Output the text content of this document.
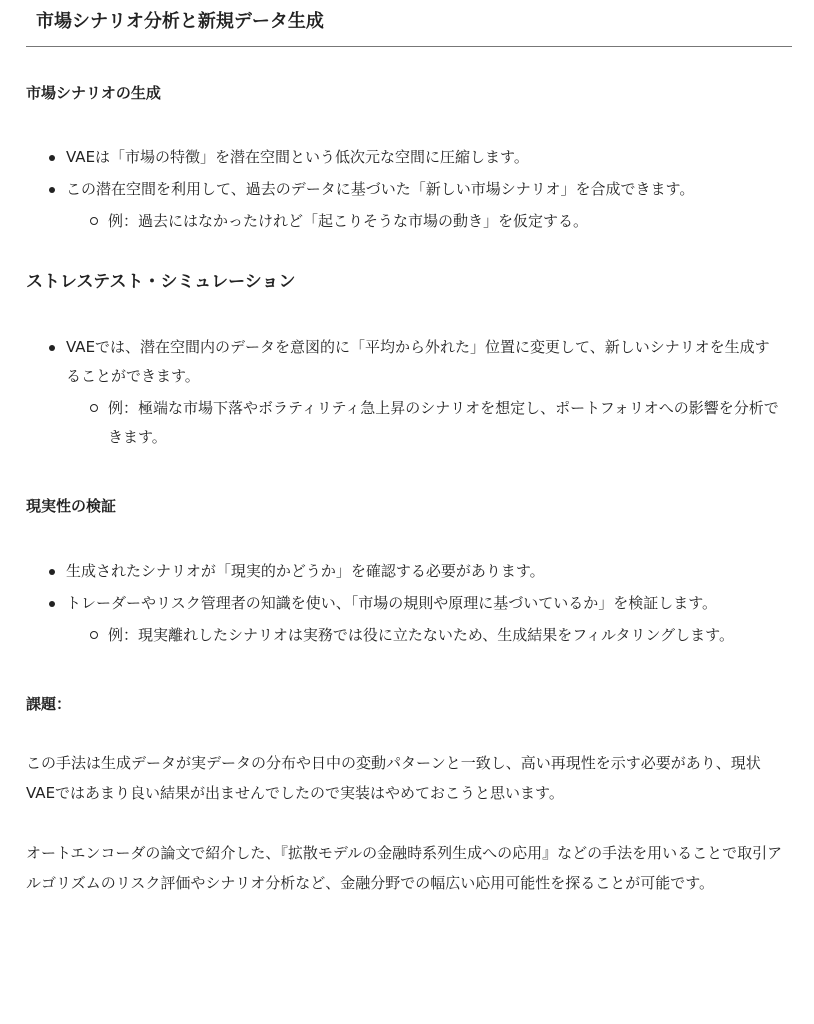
市場シナリオ分析と新規データ生成
市場シナリオの生成
VAEは「市場の特徴」を潜在空間という低次元な空間に圧縮します。
この潜在空間を利用して、過去のデータに基づいた「新しい市場シナリオ」を合成できます。
例：過去にはなかったけれど「起こりそうな市場の動き」を仮定する。
ストレステスト・シミュレーション
VAEでは、潜在空間内のデータを意図的に「平均から外れた」位置に変更して、新しいシナリオを生成することができます。
例：極端な市場下落やボラティリティ急上昇のシナリオを想定し、ポートフォリオへの影響を分析できます。
現実性の検証
生成されたシナリオが「現実的かどうか」を確認する必要があります。
トレーダーやリスク管理者の知識を使い、「市場の規則や原理に基づいているか」を検証します。
例：現実離れしたシナリオは実務では役に立たないため、生成結果をフィルタリングします。
課題：

この手法は生成データが実データの分布や日中の変動パターンと一致し、高い再現性を示す必要があり、現状VAEではあまり良い結果が出ませんでしたので実装はやめておこうと思います。

オートエンコーダの論文で紹介した、『拡散モデルの金融時系列生成への応用』などの手法を用いることで取引アルゴリズムのリスク評価やシナリオ分析など、金融分野での幅広い応用可能性を探ることが可能です。
